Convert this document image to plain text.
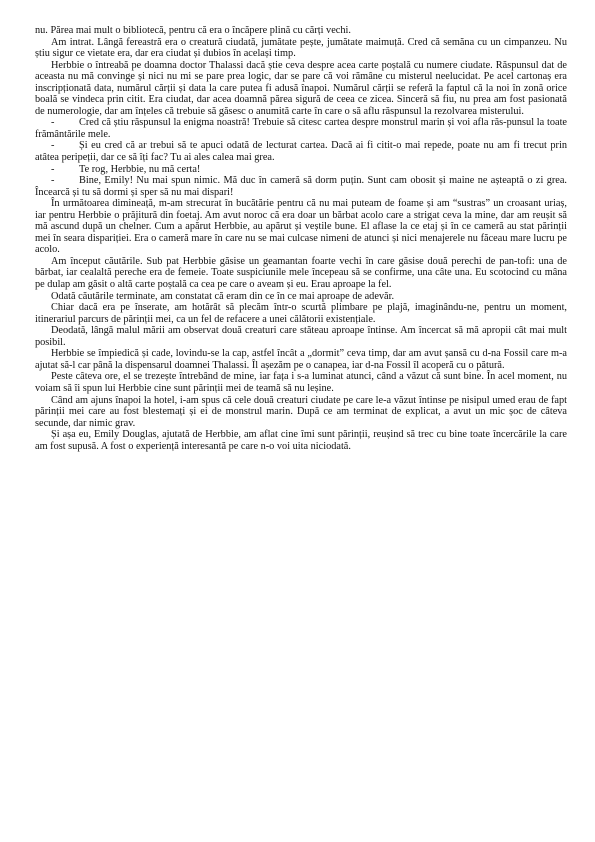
nu. Părea mai mult o bibliotecă, pentru că era o încăpere plină cu cărți vechi.

Am intrat. Lângă fereastră era o creatură ciudată, jumătate pește, jumătate maimuță. Cred că semăna cu un cimpanzeu. Nu știu sigur ce vietate era, dar era ciudat și dubios în același timp.

Herbbie o întreabă pe doamna doctor Thalassi dacă știe ceva despre acea carte poștală cu numere ciudate. Răspunsul dat de aceasta nu mă convinge și nici nu mi se pare prea logic, dar se pare că voi rămâne cu misterul neelucidat. Pe acel cartonaș era inscripționată data, numărul cărții și data la care putea fi adusă înapoi. Numărul cărții se referă la faptul că la noi în zonă orice boală se vindeca prin citit. Era ciudat, dar acea doamnă părea sigură de ceea ce zicea. Sinceră să fiu, nu prea am fost pasionată de numerologie, dar am înțeles că trebuie să găsesc o anumită carte în care o să aflu răspunsul la rezolvarea misterului.

- Cred că știu răspunsul la enigma noastră! Trebuie să citesc cartea despre monstrul marin și voi afla răs-punsul la toate frământările mele.

- Și eu cred că ar trebui să te apuci odată de lecturat cartea. Dacă ai fi citit-o mai repede, poate nu am fi trecut prin atâtea peripeții, dar ce să îți fac? Tu ai ales calea mai grea.

- Te rog, Herbbie, nu mă certa!

- Bine, Emily! Nu mai spun nimic. Mă duc în cameră să dorm puțin. Sunt cam obosit și maine ne așteaptă o zi grea. Încearcă și tu să dormi și sper să nu mai dispari!

În următoarea dimineață, m-am strecurat în bucătărie pentru că nu mai puteam de foame și am “sustras” un croasant uriaș, iar pentru Herbbie o prăjitură din foetaj. Am avut noroc că era doar un bărbat acolo care a strigat ceva la mine, dar am reușit să mă ascund după un chelner. Cum a apărut Herbbie, au apărut și veștile bune. El aflase la ce etaj și în ce cameră au stat părinții mei în seara dispariției. Era o cameră mare în care nu se mai culcase nimeni de atunci și nici menajerele nu făceau mare lucru pe acolo.

Am început căutările. Sub pat Herbbie găsise un geamantan foarte vechi în care găsise două perechi de pan-tofi: una de bărbat, iar cealaltă pereche era de femeie. Toate suspiciunile mele începeau să se confirme, una câte una. Eu scotocind cu mâna pe dulap am găsit o altă carte poștală ca cea pe care o aveam și eu. Erau aproape la fel.

Odată căutările terminate, am constatat că eram din ce în ce mai aproape de adevăr.

Chiar dacă era pe înserate, am hotărât să plecăm într-o scurtă plimbare pe plajă, imaginându-ne, pentru un moment, itinerariul parcurs de părinții mei, ca un fel de refacere a unei călătorii existențiale.

Deodată, lângă malul mării am observat două creaturi care stăteau aproape întinse. Am încercat să mă apropii cât mai mult posibil.

Herbbie se împiedică și cade, lovindu-se la cap, astfel încât a „dormit” ceva timp, dar am avut șansă cu d-na Fossil care m-a ajutat să-l car până la dispensarul doamnei Thalassi. Îl așezăm pe o canapea, iar d-na Fossil îl acoperă cu o pătură.

Peste câteva ore, el se trezește întrebând de mine, iar fața i s-a luminat atunci, când a văzut că sunt bine. În acel moment, nu voiam să îi spun lui Herbbie cine sunt părinții mei de teamă să nu leșine.

Când am ajuns înapoi la hotel, i-am spus că cele două creaturi ciudate pe care le-a văzut întinse pe nisipul umed erau de fapt părinții mei care au fost blestemați și ei de monstrul marin. După ce am terminat de explicat, a avut un mic șoc de câteva secunde, dar nimic grav.

Și așa eu, Emily Douglas, ajutată de Herbbie, am aflat cine îmi sunt părinții, reușind să trec cu bine toate încercările la care am fost supusă. A fost o experiență interesantă pe care n-o voi uita niciodată.
